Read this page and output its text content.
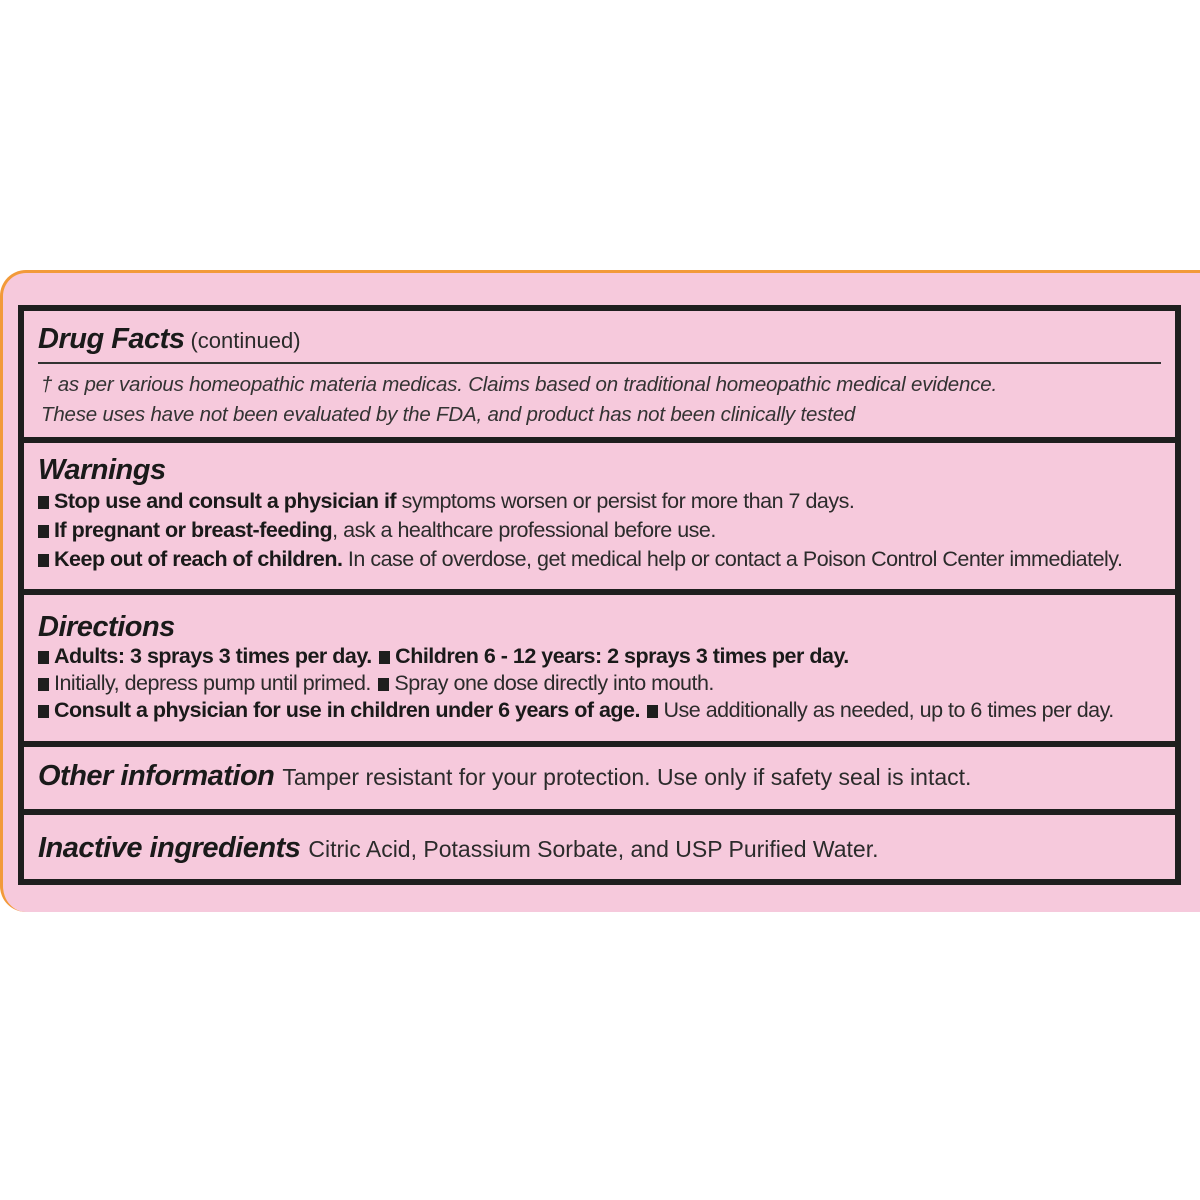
Drug Facts (continued)
† as per various homeopathic materia medicas. Claims based on traditional homeopathic medical evidence.
These uses have not been evaluated by the FDA, and product has not been clinically tested
Warnings
Stop use and consult a physician if symptoms worsen or persist for more than 7 days.
If pregnant or breast-feeding, ask a healthcare professional before use.
Keep out of reach of children. In case of overdose, get medical help or contact a Poison Control Center immediately.
Directions
Adults: 3 sprays 3 times per day. Children 6 - 12 years: 2 sprays 3 times per day.
Initially, depress pump until primed. Spray one dose directly into mouth.
Consult a physician for use in children under 6 years of age. Use additionally as needed, up to 6 times per day.
Other information Tamper resistant for your protection. Use only if safety seal is intact.
Inactive ingredients Citric Acid, Potassium Sorbate, and USP Purified Water.
